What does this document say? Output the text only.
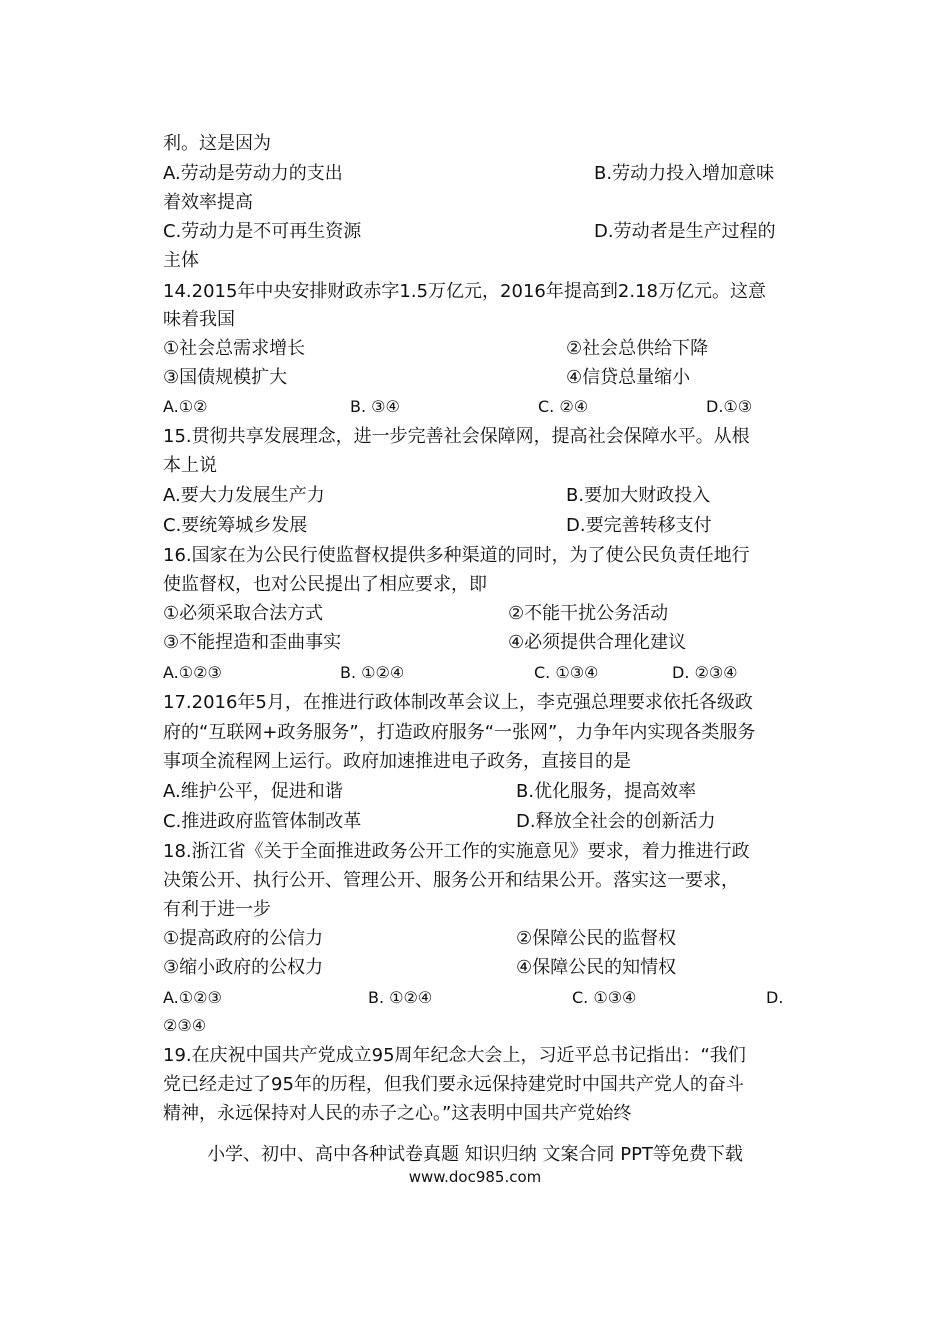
利。这是因为
A.劳动是劳动力的支出	B.劳动力投入增加意味
着效率提高
C.劳动力是不可再生资源	D.劳动者是生产过程的
主体
14.2015年中央安排财政赤字1.5万亿元，2016年提高到2.18万亿元。这意
味着我国
①社会总需求增长	②社会总供给下降
③国债规模扩大	④信贷总量缩小
A.①②	B. ③④	C. ②④	D.①③
15.贯彻共享发展理念，进一步完善社会保障网，提高社会保障水平。从根
本上说
A.要大力发展生产力	B.要加大财政投入
C.要统筹城乡发展	D.要完善转移支付
16.国家在为公民行使监督权提供多种渠道的同时，为了使公民负责任地行
使监督权，也对公民提出了相应要求，即
①必须采取合法方式	②不能干扰公务活动
③不能捏造和歪曲事实	④必须提供合理化建议
A.①②③	B. ①②④	C. ①③④	D. ②③④
17.2016年5月，在推进行政体制改革会议上，李克强总理要求依托各级政
府的“互联网+政务服务”，打造政府服务“一张网”，力争年内实现各类服务
事项全流程网上运行。政府加速推进电子政务，直接目的是
A.维护公平，促进和谐	B.优化服务，提高效率
C.推进政府监管体制改革	D.释放全社会的创新活力
18.浙江省《关于全面推进政务公开工作的实施意见》要求，着力推进行政
决策公开、执行公开、管理公开、服务公开和结果公开。落实这一要求，
有利于进一步
①提高政府的公信力	②保障公民的监督权
③缩小政府的公权力	④保障公民的知情权
A.①②③	B. ①②④	C. ①③④	D.
②③④
19.在庆祝中国共产党成立95周年纪念大会上，习近平总书记指出：“我们
党已经走过了95年的历程，但我们要永远保持建党时中国共产党人的奋斗
精神，永远保持对人民的赤子之心。”这表明中国共产党始终
小学、初中、高中各种试卷真题 知识归纳 文案合同 PPT等免费下载
www.doc985.com
